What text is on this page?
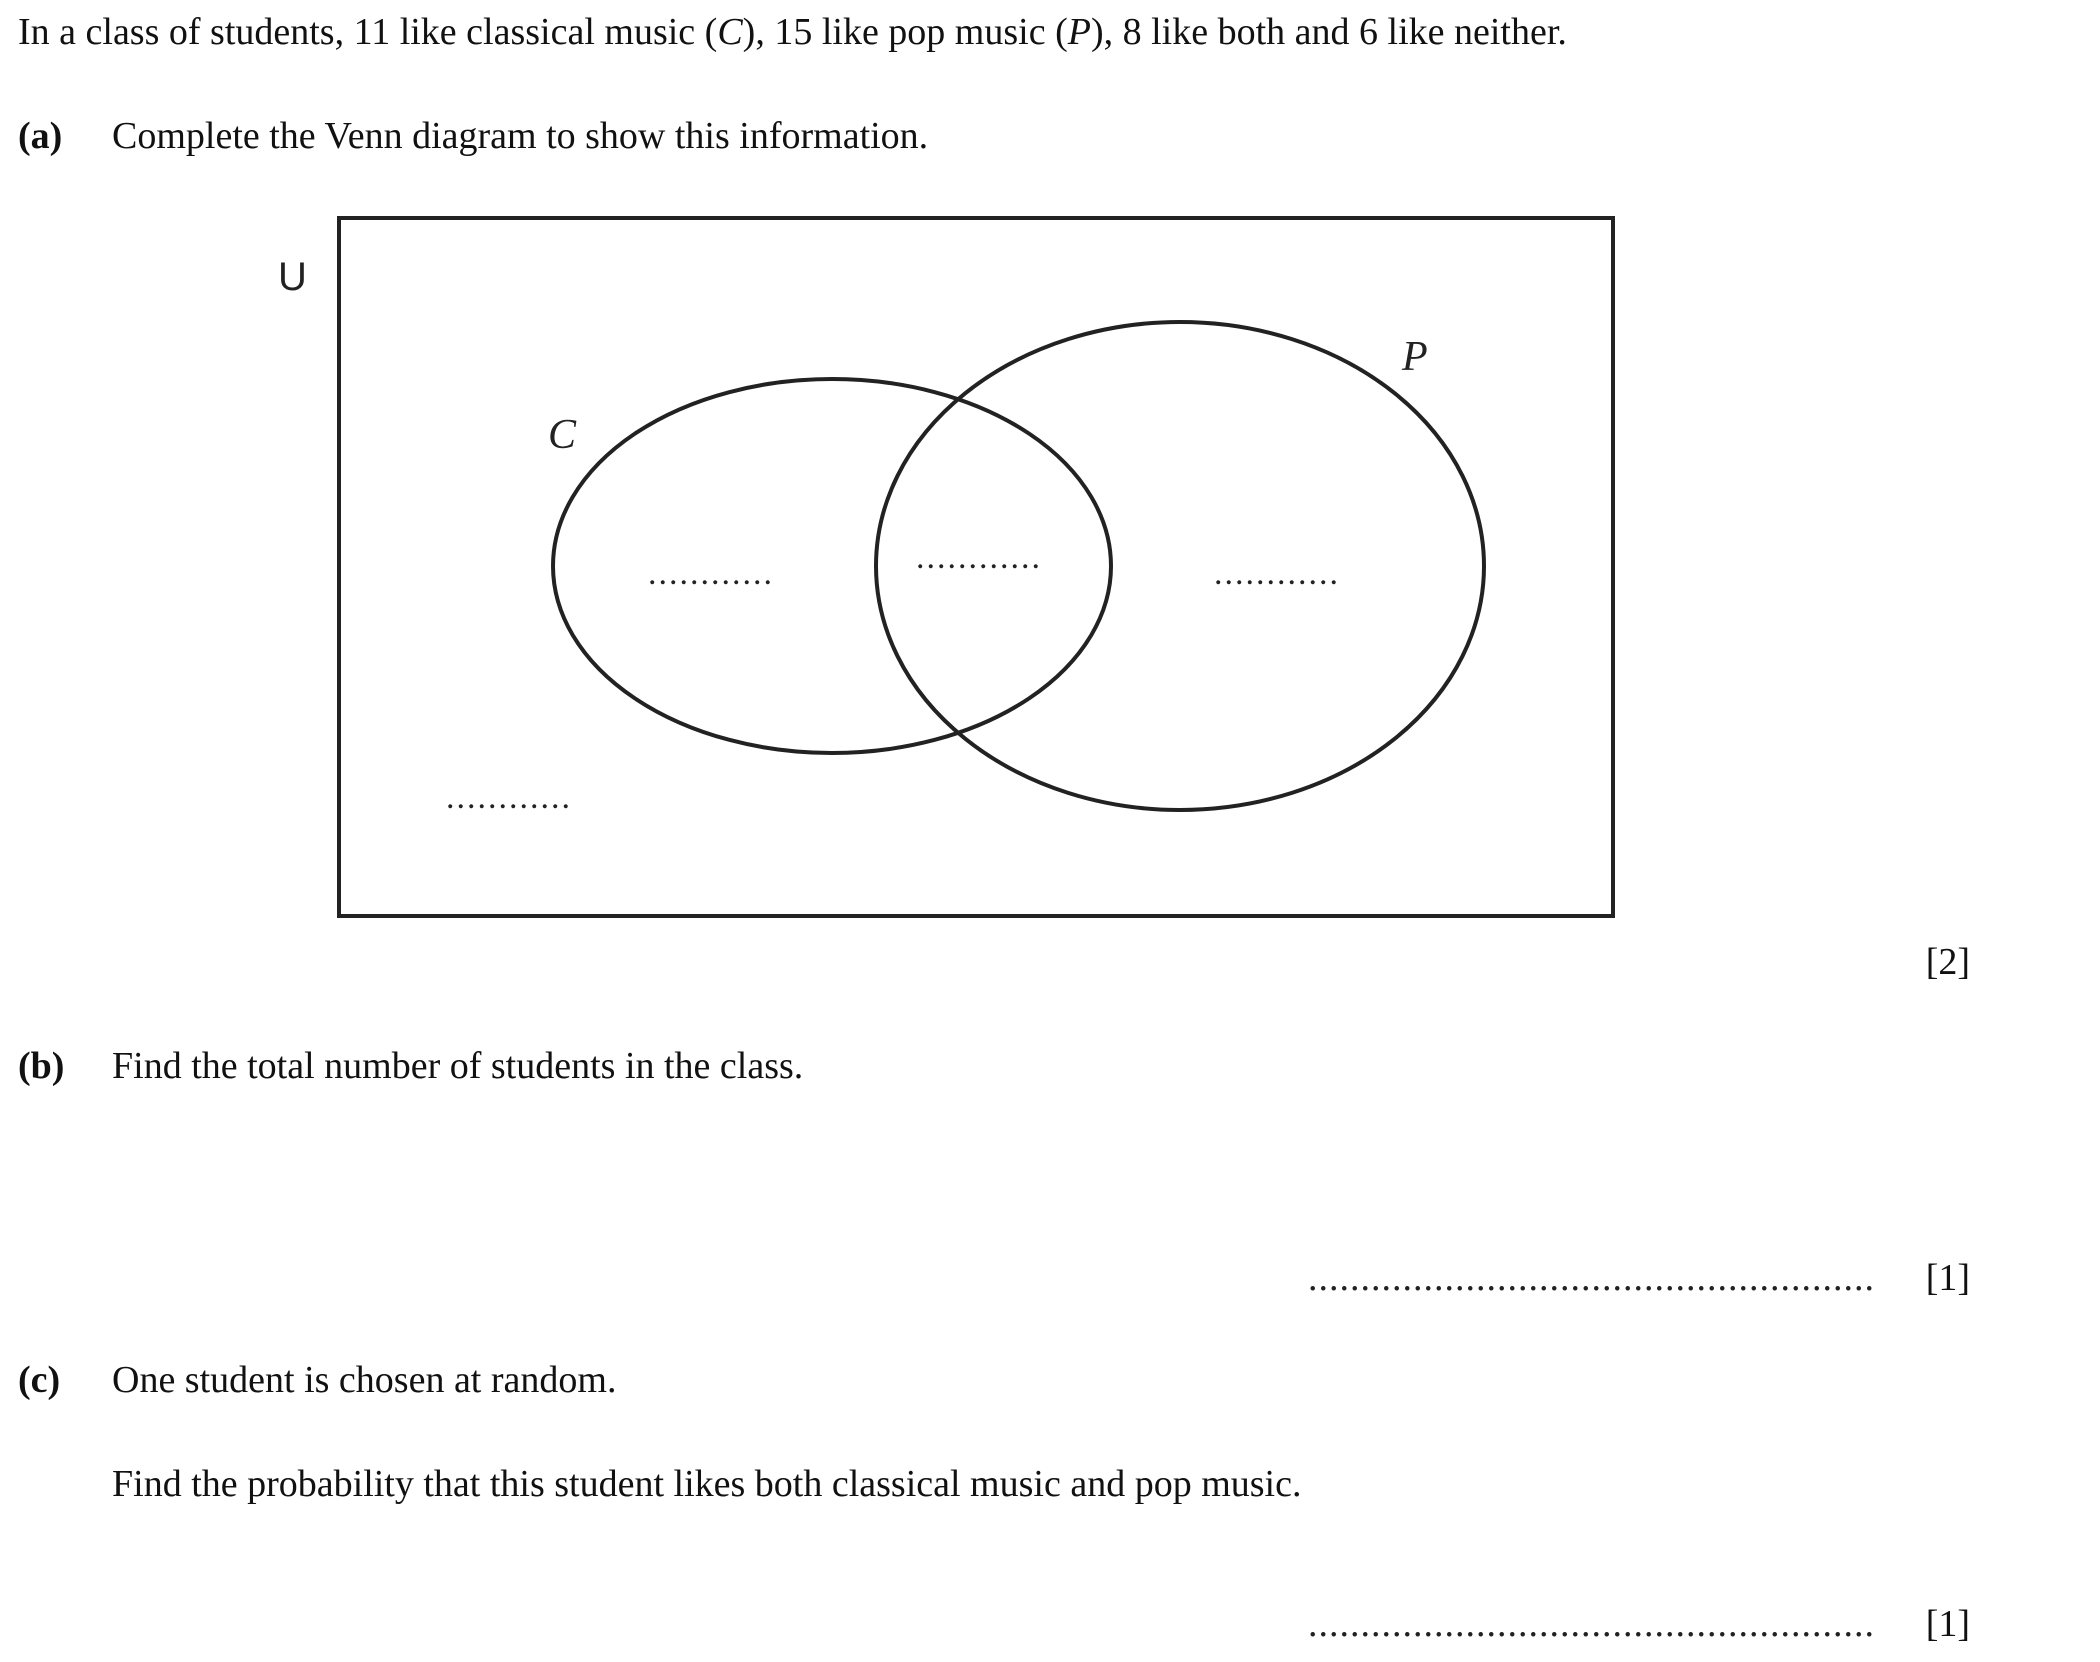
In a class of students, 11 like classical music (C), 15 like pop music (P), 8 like both and 6 like neither.
(a) Complete the Venn diagram to show this information.
U
C
P
............	............	............
............
[2]
(b) Find the total number of students in the class.
...................................................... [1]
(c) One student is chosen at random.
Find the probability that this student likes both classical music and pop music.
...................................................... [1]
